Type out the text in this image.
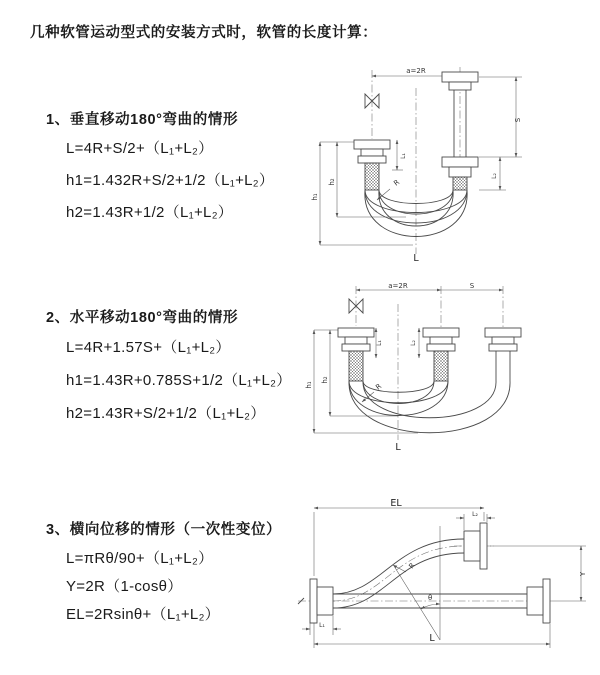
几种软管运动型式的安装方式时，软管的长度计算：
1、垂直移动180°弯曲的情形
L=4R+S/2+（L₁+L₂）
h1=1.432R+S/2+1/2（L₁+L₂）
h2=1.43R+1/2（L₁+L₂）
2、水平移动180°弯曲的情形
L=4R+1.57S+（L₁+L₂）
h1=1.43R+0.785S+1/2（L₁+L₂）
h2=1.43R+S/2+1/2（L₁+L₂）
3、横向位移的情形（一次性变位）
L=πRθ/90+（L₁+L₂）
Y=2R（1-cosθ）
EL=2Rsinθ+（L₁+L₂）
a=2R
S
L₂
h₁
h₂
L₁
R
L
a=2R	S
h₁
h₂
L₁	L₂
R
L
EL
L₂
Y
L₁
R
θ
L
